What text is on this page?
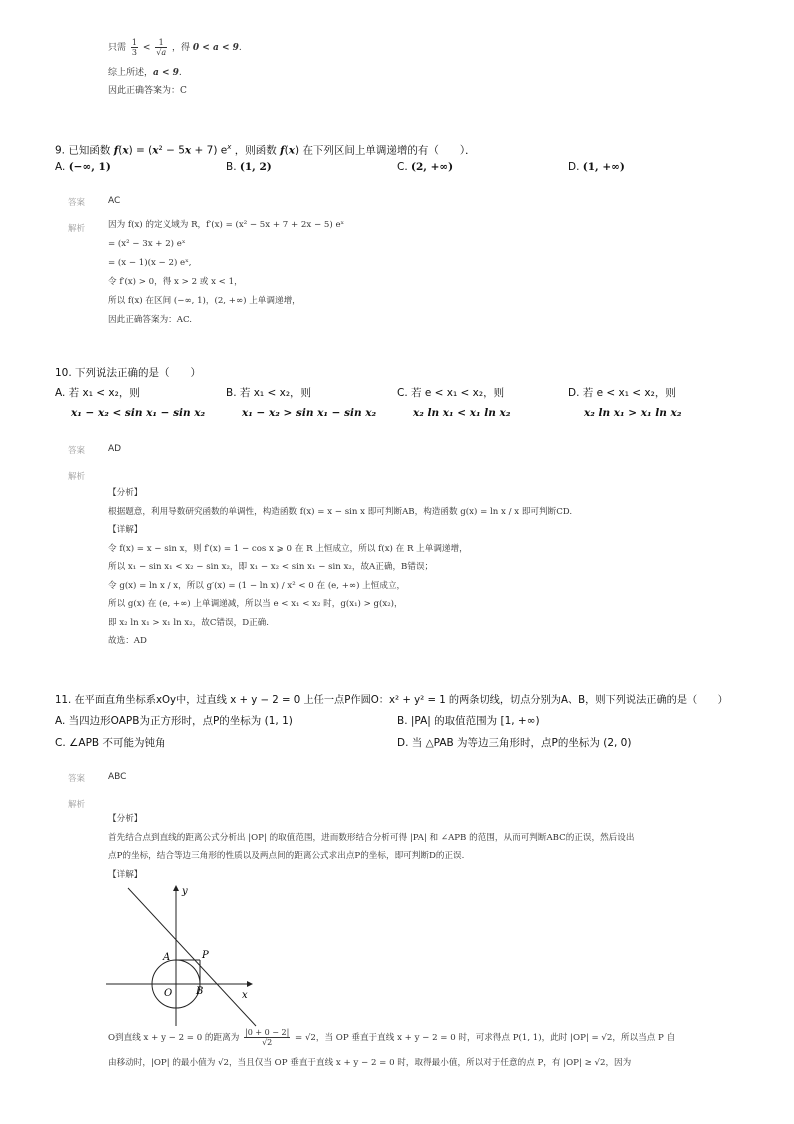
只需 $\frac{1}{3} < \frac{1}{√a}$ ，得 0 < a < 9.
综上所述，a < 9.
因此正确答案为：C
9. 已知函数 f(x) = (x² − 5x + 7) $e^x$ ，则函数 f(x) 在下列区间上单调递增的有（　　）．
A. (−∞, 1)	B. (1, 2)	C. (2, +∞)	D. (1, +∞)
答案	AC
解析	因为 f(x) 的定义域为 R，f′(x) = (x² − 5x + 7 + 2x − 5) eˣ
= (x² − 3x + 2) eˣ
= (x − 1)(x − 2) eˣ,
令 f′(x) > 0，得 x > 2 或 x < 1，
所以 f(x) 在区间 (−∞, 1)，(2, +∞) 上单调递增，
因此正确答案为：AC.
10. 下列说法正确的是（　　）
A. 若 x₁ < x₂，则
x₁ − x₂ < sin x₁ − sin x₂
B. 若 x₁ < x₂，则
x₁ − x₂ > sin x₁ − sin x₂
C. 若 e < x₁ < x₂，则
x₂ ln x₁ < x₁ ln x₂
D. 若 e < x₁ < x₂，则
x₂ ln x₁ > x₁ ln x₂
答案	AD
解析
【分析】
根据题意，利用导数研究函数的单调性，构造函数 f(x) = x − sin x 即可判断AB，构造函数 g(x) = ln x / x 即可判断CD.
【详解】
令 f(x) = x − sin x，则 f′(x) = 1 − cos x ⩾ 0 在 R 上恒成立，所以 f(x) 在 R 上单调递增，
所以 x₁ − sin x₁ < x₂ − sin x₂，即 x₁ − x₂ < sin x₁ − sin x₂，故A正确，B错误；
令 g(x) = ln x / x，所以 g′(x) = (1 − ln x) / x² < 0 在 (e, +∞) 上恒成立，
所以 g(x) 在 (e, +∞) 上单调递减，所以当 e < x₁ < x₂ 时，g(x₁) > g(x₂)，
即 x₂ ln x₁ > x₁ ln x₂，故C错误，D正确.
故选：AD
11. 在平面直角坐标系xOy中，过直线 x + y − 2 = 0 上任一点P作圆O：x² + y² = 1 的两条切线，切点分别为A、B，则下列说法正确的是（　　）
A. 当四边形OAPB为正方形时，点P的坐标为 (1, 1)	B. |PA| 的取值范围为 [1, +∞)
C. ∠APB 不可能为钝角	D. 当 △PAB 为等边三角形时，点P的坐标为 (2, 0)
答案	ABC
解析
【分析】
首先结合点到直线的距离公式分析出 |OP| 的取值范围，进而数形结合分析可得 |PA| 和 ∠APB 的范围，从而可判断ABC的正误，然后设出
点P的坐标，结合等边三角形的性质以及两点间的距离公式求出点P的坐标，即可判断D的正误.
【详解】
y
x
A	P
O B
O到直线 x + y − 2 = 0 的距离为 $\frac{|0 + 0 - 2|}{√2} = √2$，当 OP 垂直于直线 x + y − 2 = 0 时，可求得点 P(1, 1)，此时 |OP| = √2，所以当点 P 自
由移动时，|OP| 的最小值为 √2，当且仅当 OP 垂直于直线 x + y − 2 = 0 时，取得最小值，所以对于任意的点 P，有 |OP| ≥ √2，因为
